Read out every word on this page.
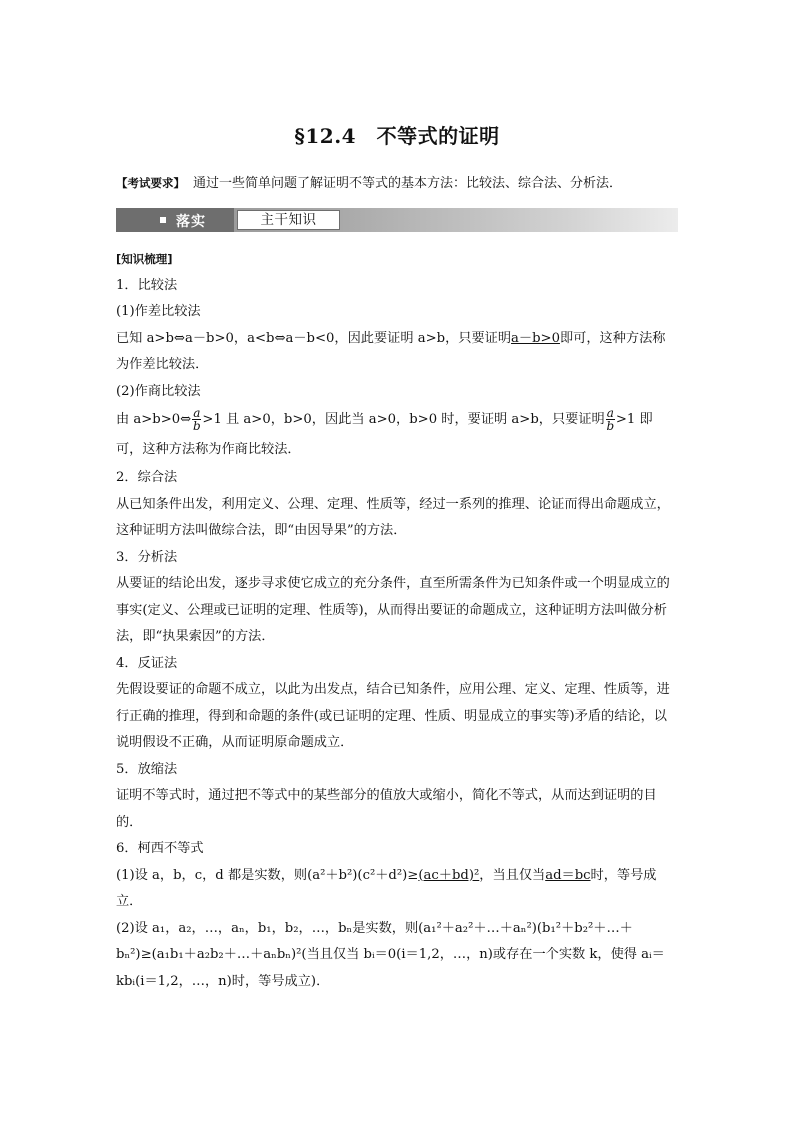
§12.4　不等式的证明
【考试要求】 通过一些简单问题了解证明不等式的基本方法：比较法、综合法、分析法．
落实	主干知识

[知识梳理]

1．比较法

(1)作差比较法

已知 a>b⇔a－b>0，a<b⇔a－b<0，因此要证明 a>b，只要证明a－b>0即可，这种方法称为作差比较法．

(2)作商比较法

由 a>b>0⇔ $\frac{a}{b} >1$ 且 a>0，b>0，因此当 a>0，b>0 时，要证明 a>b，只要证明 $\frac{a}{b} >1$ 即可，这种方法称为作商比较法．

2．综合法

从已知条件出发，利用定义、公理、定理、性质等，经过一系列的推理、论证而得出命题成立，这种证明方法叫做综合法，即“由因导果”的方法．

3．分析法

从要证的结论出发，逐步寻求使它成立的充分条件，直至所需条件为已知条件或一个明显成立的事实(定义、公理或已证明的定理、性质等)，从而得出要证的命题成立，这种证明方法叫做分析法，即“执果索因”的方法．

4．反证法

先假设要证的命题不成立，以此为出发点，结合已知条件，应用公理、定义、定理、性质等，进行正确的推理，得到和命题的条件(或已证明的定理、性质、明显成立的事实等)矛盾的结论，以说明假设不正确，从而证明原命题成立．

5．放缩法

证明不等式时，通过把不等式中的某些部分的值放大或缩小，简化不等式，从而达到证明的目的．

6．柯西不等式

(1)设 a，b，c，d 都是实数，则(a²＋b²)(c²＋d²)≥(ac＋bd)²，当且仅当ad＝bc时，等号成立．

(2)设 a₁，a₂，…，aₙ，b₁，b₂，…，bₙ是实数，则(a₁²＋a₂²＋…＋aₙ²)(b₁²＋b₂²＋…＋bₙ²)≥(a₁b₁＋a₂b₂＋…＋aₙbₙ)²(当且仅当 bᵢ＝0(i＝1,2，…，n)或存在一个实数 k，使得 aᵢ＝kbᵢ(i＝1,2，…，n)时，等号成立)．
